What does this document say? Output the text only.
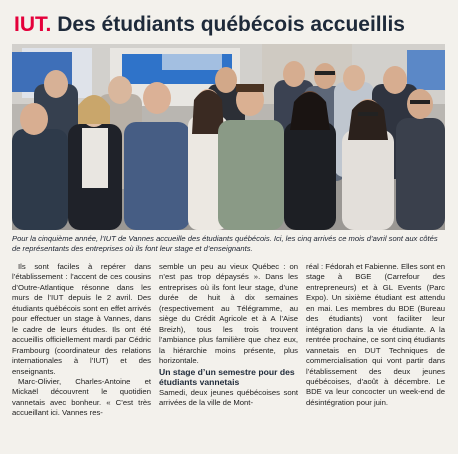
IUT. Des étudiants québécois accueillis
Pour la cinquième année, l’IUT de Vannes accueille des étudiants québécois. Ici, les cinq arrivés ce mois d’avril sont aux côtés de représentants des entreprises où ils font leur stage et d’enseignants.

Ils sont faciles à repérer dans l’établissement : l’accent de ces cousins d’Outre-Atlantique résonne dans les murs de l’IUT depuis le 2 avril. Des étudiants québécois sont en effet arrivés pour effectuer un stage à Vannes, dans le cadre de leurs études. Ils ont été accueillis officiellement mardi par Cédric Frambourg (coordinateur des relations internationales à l’IUT) et des enseignants.

Marc-Olivier, Charles-Antoine et Mickaël découvrent le quotidien vannetais avec bonheur. « C’est très accueillant ici. Vannes res-

semble un peu au vieux Québec : on n’est pas trop dépaysés ». Dans les entreprises où ils font leur stage, d’une durée de huit à dix semaines (respectivement au Télégramme, au siège du Crédit Agricole et à A l’Aise Breizh), tous les trois trouvent l’ambiance plus familière que chez eux, la hiérarchie moins présente, plus horizontale.

Un stage d’un semestre pour des étudiants vannetais

Samedi, deux jeunes québécoises sont arrivées de la ville de Mont-

réal : Fédorah et Fabienne. Elles sont en stage à BGE (Carrefour des entrepreneurs) et à GL Events (Parc Expo). Un sixième étudiant est attendu en mai. Les membres du BDE (Bureau des étudiants) vont faciliter leur intégration dans la vie étudiante. A la rentrée prochaine, ce sont cinq étudiants vannetais en DUT Techniques de commercialisation qui vont partir dans l’établissement des deux jeunes québécoises, d’août à décembre. Le BDE va leur concocter un week-end de désintégration pour juin.
